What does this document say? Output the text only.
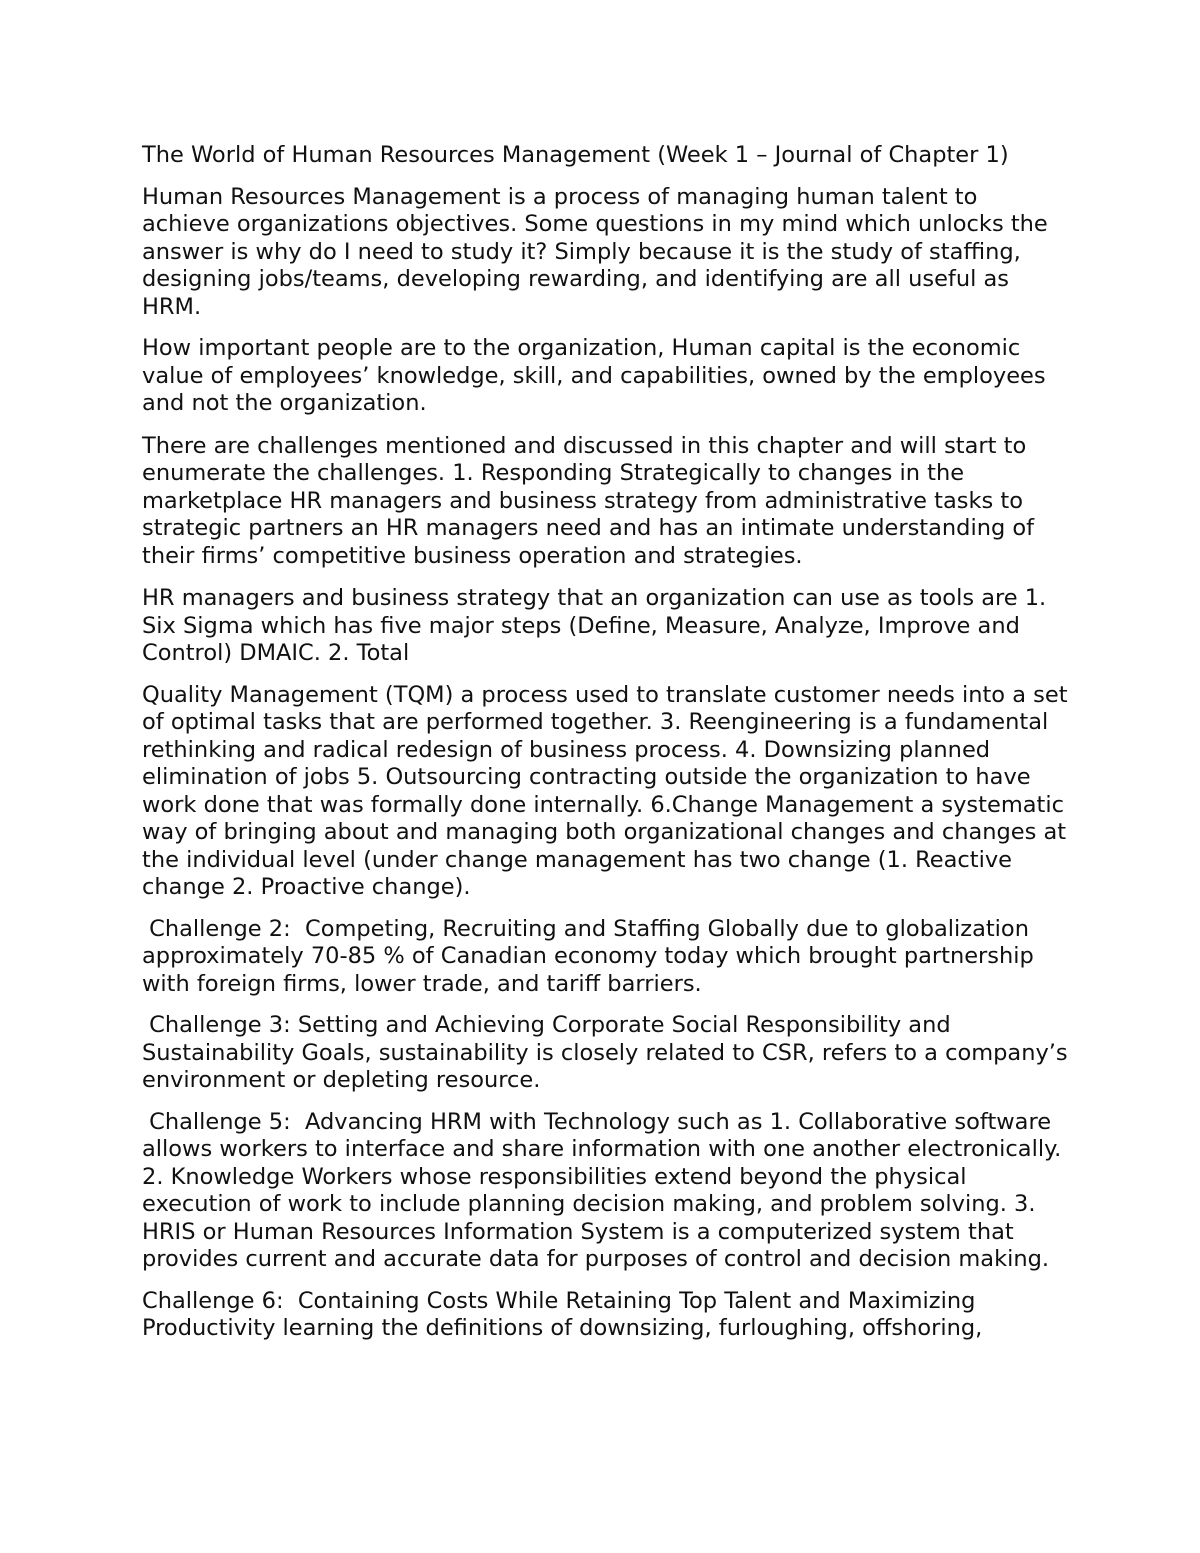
The World of Human Resources Management (Week 1 – Journal of Chapter 1)
Human Resources Management is a process of managing human talent to achieve organizations objectives. Some questions in my mind which unlocks the answer is why do I need to study it? Simply because it is the study of staffing, designing jobs/teams, developing rewarding, and identifying are all useful as HRM.
How important people are to the organization, Human capital is the economic value of employees’ knowledge, skill, and capabilities, owned by the employees and not the organization.
There are challenges mentioned and discussed in this chapter and will start to enumerate the challenges. 1. Responding Strategically to changes in the marketplace HR managers and business strategy from administrative tasks to strategic partners an HR managers need and has an intimate understanding of their firms’ competitive business operation and strategies.
HR managers and business strategy that an organization can use as tools are 1. Six Sigma which has five major steps (Define, Measure, Analyze, Improve and Control) DMAIC. 2. Total
Quality Management (TQM) a process used to translate customer needs into a set of optimal tasks that are performed together. 3. Reengineering is a fundamental rethinking and radical redesign of business process. 4. Downsizing planned elimination of jobs 5. Outsourcing contracting outside the organization to have work done that was formally done internally. 6.Change Management a systematic way of bringing about and managing both organizational changes and changes at the individual level (under change management has two change (1. Reactive change 2. Proactive change).
Challenge 2:  Competing, Recruiting and Staffing Globally due to globalization approximately 70-85 % of Canadian economy today which brought partnership with foreign firms, lower trade, and tariff barriers.
Challenge 3: Setting and Achieving Corporate Social Responsibility and Sustainability Goals, sustainability is closely related to CSR, refers to a company’s environment or depleting resource.
Challenge 5:  Advancing HRM with Technology such as 1. Collaborative software allows workers to interface and share information with one another electronically. 2. Knowledge Workers whose responsibilities extend beyond the physical execution of work to include planning decision making, and problem solving. 3. HRIS or Human Resources Information System is a computerized system that provides current and accurate data for purposes of control and decision making.
Challenge 6:  Containing Costs While Retaining Top Talent and Maximizing Productivity learning the definitions of downsizing, furloughing, offshoring,
